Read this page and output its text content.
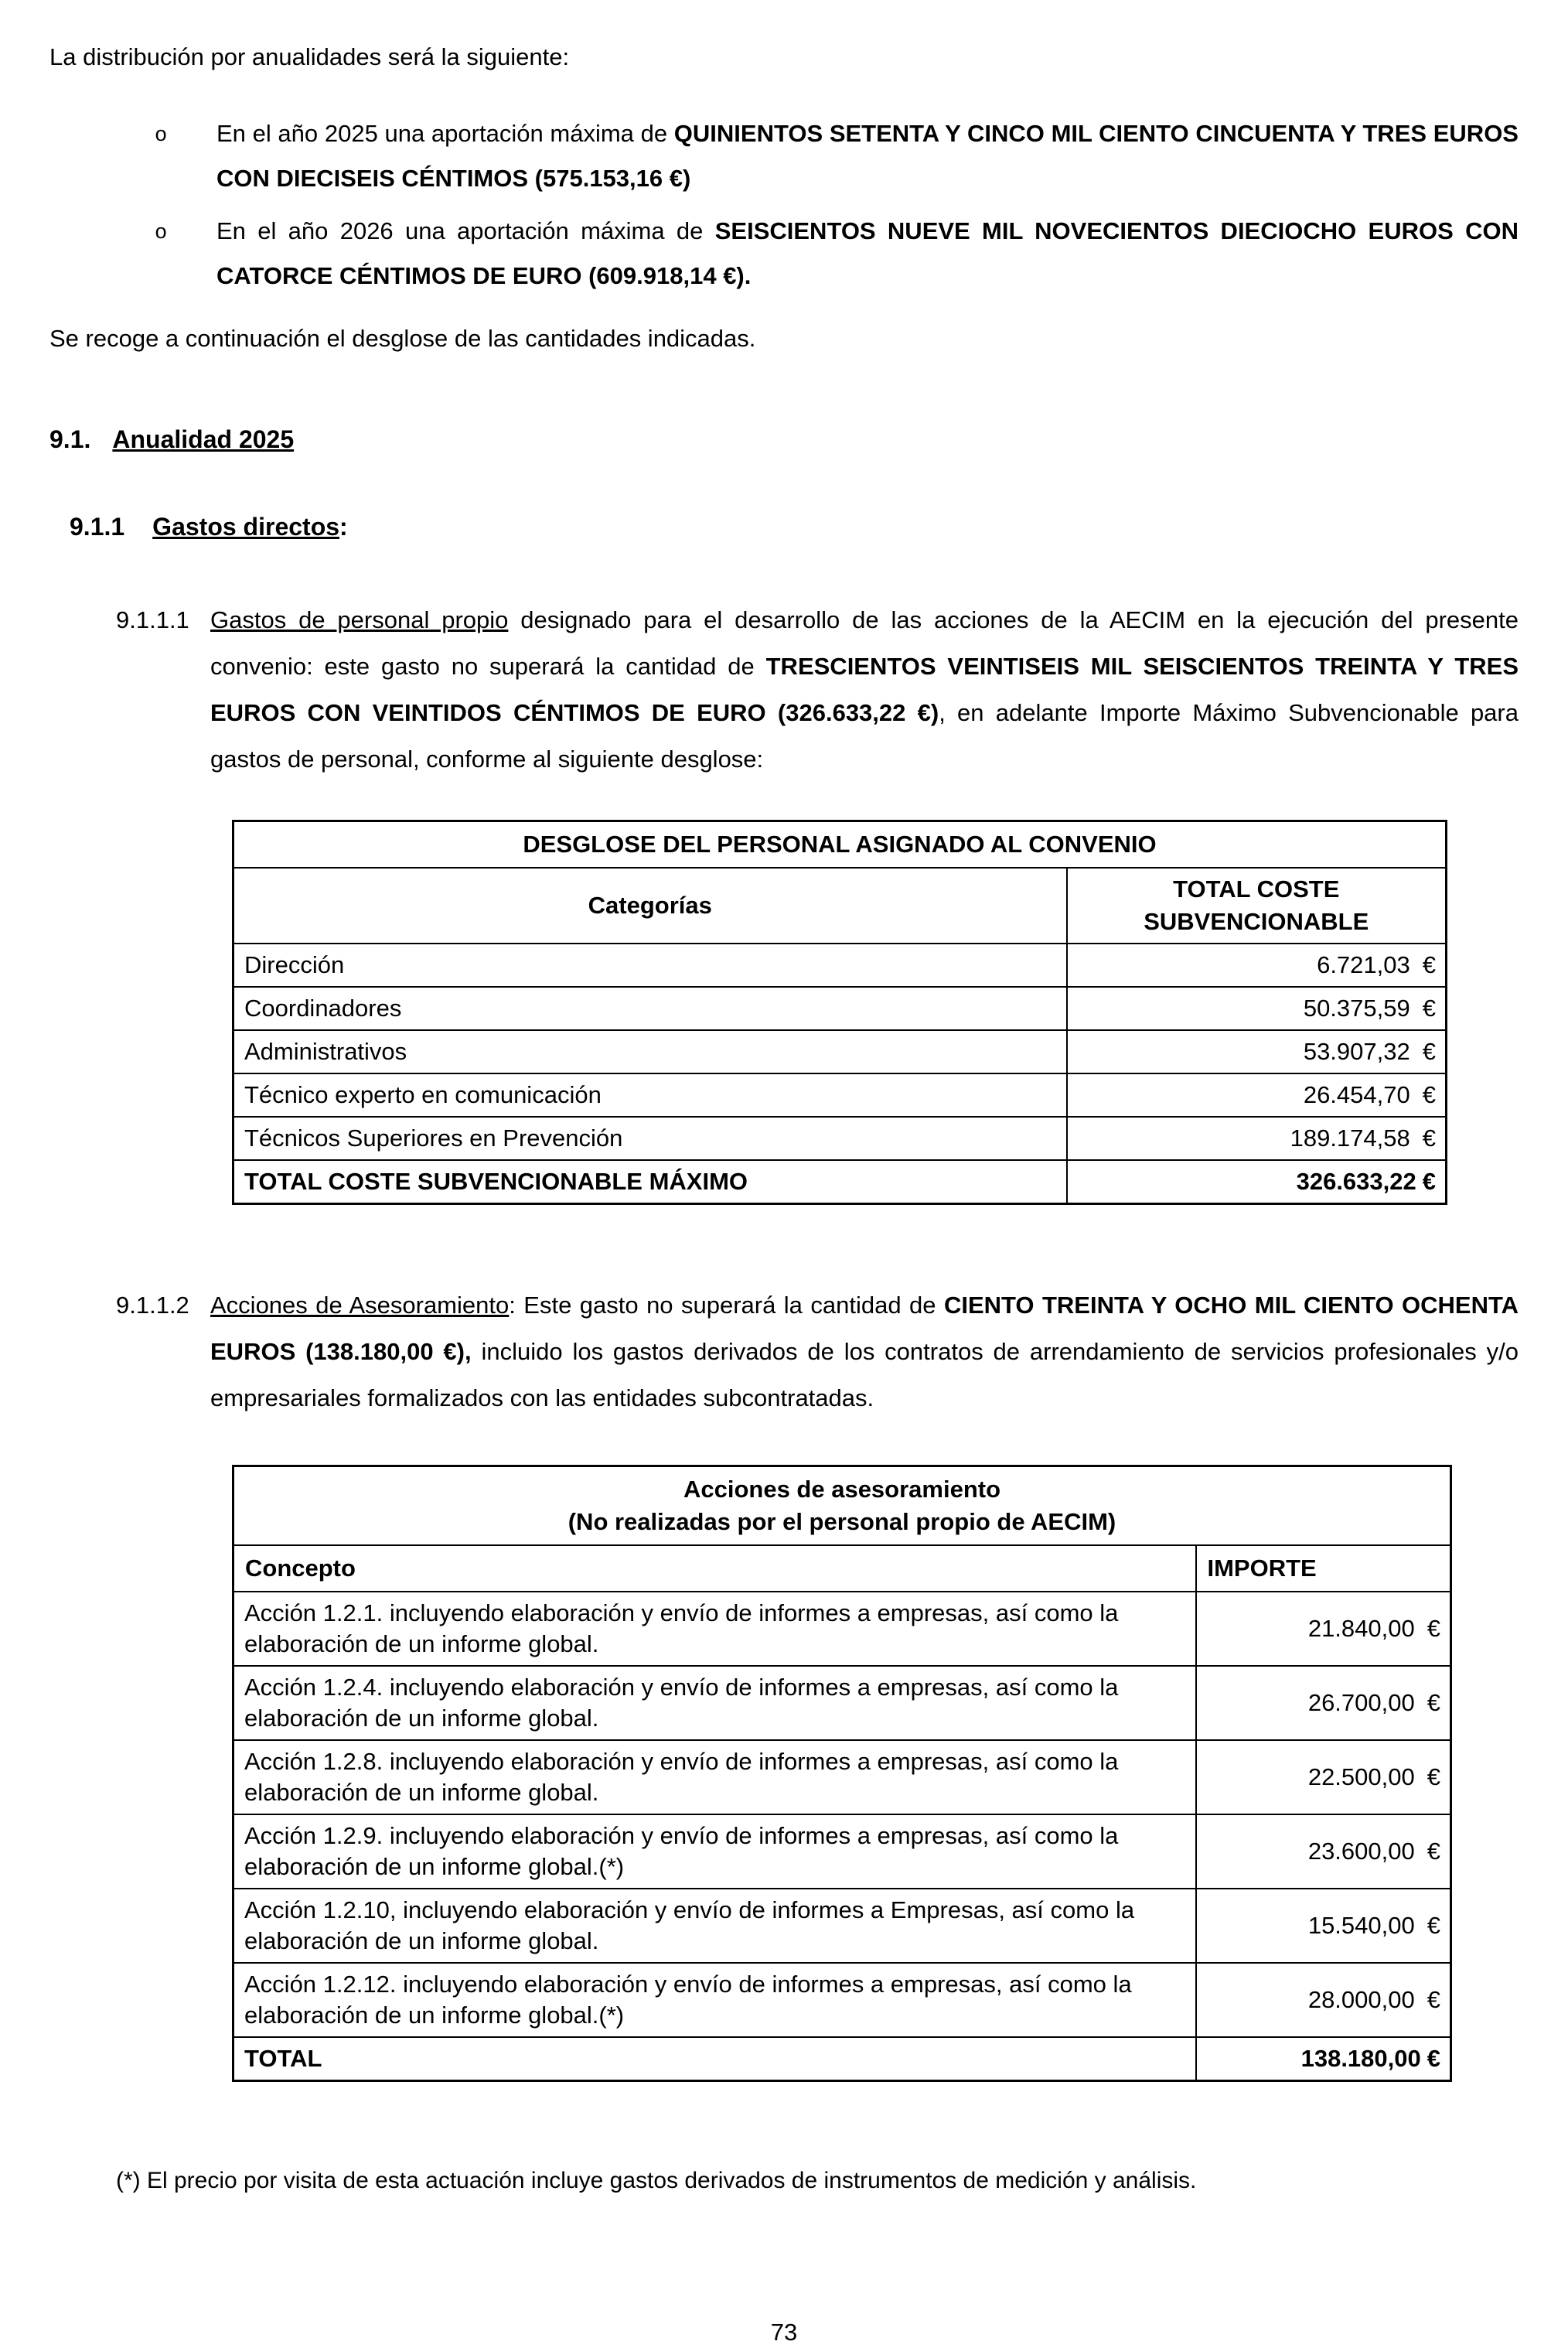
La distribución por anualidades será la siguiente:

o En el año 2025 una aportación máxima de QUINIENTOS SETENTA Y CINCO MIL CIENTO CINCUENTA Y TRES EUROS CON DIECISEIS CÉNTIMOS (575.153,16 €)
o En el año 2026 una aportación máxima de SEISCIENTOS NUEVE MIL NOVECIENTOS DIECIOCHO EUROS CON CATORCE CÉNTIMOS DE EURO (609.918,14 €).

Se recoge a continuación el desglose de las cantidades indicadas.

9.1. Anualidad 2025
9.1.1 Gastos directos:
9.1.1.1 Gastos de personal propio designado para el desarrollo de las acciones de la AECIM en la ejecución del presente convenio: este gasto no superará la cantidad de TRESCIENTOS VEINTISEIS MIL SEISCIENTOS TREINTA Y TRES EUROS CON VEINTIDOS CÉNTIMOS DE EURO (326.633,22 €), en adelante Importe Máximo Subvencionable para gastos de personal, conforme al siguiente desglose:
DESGLOSE DEL PERSONAL ASIGNADO AL CONVENIO	
Categorías	TOTAL COSTE SUBVENCIONABLE
Dirección	6.721,03 €
Coordinadores	50.375,59 €
Administrativos	53.907,32 €
Técnico experto en comunicación	26.454,70 €
Técnicos Superiores en Prevención	189.174,58 €
TOTAL COSTE SUBVENCIONABLE MÁXIMO	326.633,22 €
9.1.1.2 Acciones de Asesoramiento: Este gasto no superará la cantidad de CIENTO TREINTA Y OCHO MIL CIENTO OCHENTA EUROS (138.180,00 €), incluido los gastos derivados de los contratos de arrendamiento de servicios profesionales y/o empresariales formalizados con las entidades subcontratadas.
Acciones de asesoramiento
(No realizadas por el personal propio de AECIM)	
Concepto	IMPORTE
Acción 1.2.1. incluyendo elaboración y envío de informes a empresas, así como la elaboración de un informe global.	21.840,00 €
Acción 1.2.4. incluyendo elaboración y envío de informes a empresas, así como la elaboración de un informe global.	26.700,00 €
Acción 1.2.8. incluyendo elaboración y envío de informes a empresas, así como la elaboración de un informe global.	22.500,00 €
Acción 1.2.9. incluyendo elaboración y envío de informes a empresas, así como la elaboración de un informe global.(*)	23.600,00 €
Acción 1.2.10, incluyendo elaboración y envío de informes a Empresas, así como la elaboración de un informe global.	15.540,00 €
Acción 1.2.12. incluyendo elaboración y envío de informes a empresas, así como la elaboración de un informe global.(*)	28.000,00 €
TOTAL	138.180,00 €

(*) El precio por visita de esta actuación incluye gastos derivados de instrumentos de medición y análisis.

73
